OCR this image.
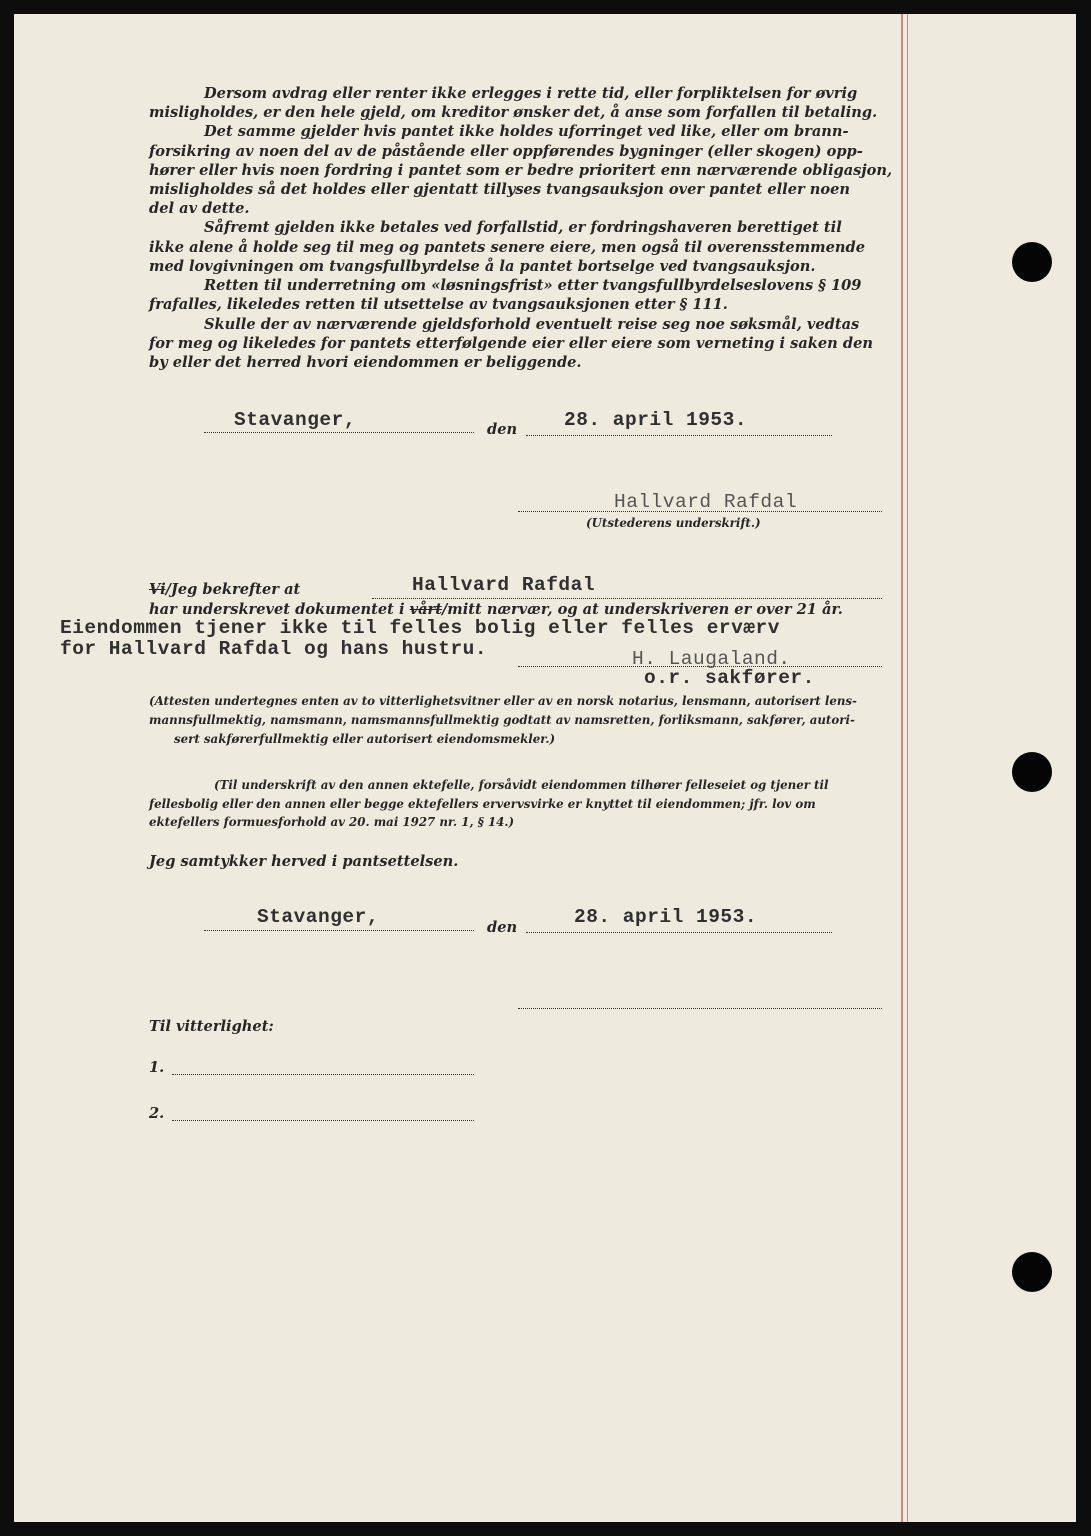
Dersom avdrag eller renter ikke erlegges i rette tid, eller forpliktelsen for øvrig
misligholdes, er den hele gjeld, om kreditor ønsker det, å anse som forfallen til betaling.
Det samme gjelder hvis pantet ikke holdes uforringet ved like, eller om brann-
forsikring av noen del av de påstående eller oppførendes bygninger (eller skogen) opp-
hører eller hvis noen fordring i pantet som er bedre prioritert enn nærværende obligasjon,
misligholdes så det holdes eller gjentatt tillyses tvangsauksjon over pantet eller noen
del av dette.
Såfremt gjelden ikke betales ved forfallstid, er fordringshaveren berettiget til
ikke alene å holde seg til meg og pantets senere eiere, men også til overensstemmende
med lovgivningen om tvangsfullbyrdelse å la pantet bortselge ved tvangsauksjon.
Retten til underretning om «løsningsfrist» etter tvangsfullbyrdelseslovens § 109
frafalles, likeledes retten til utsettelse av tvangsauksjonen etter § 111.
Skulle der av nærværende gjeldsforhold eventuelt reise seg noe søksmål, vedtas
for meg og likeledes for pantets etterfølgende eier eller eiere som verneting i saken den
by eller det herred hvori eiendommen er beliggende.
Stavanger,	den 28. april 1953.
Hallvard Rafdal
(Utstederens underskrift.)
Vi/Jeg bekrefter at	Hallvard Rafdal
har underskrevet dokumentet i vårt/mitt nærvær, og at underskriveren er over 21 år.
Eiendommen tjener ikke til felles bolig eller felles erværv
for Hallvard Rafdal og hans hustru.	H. Laugaland.
o.r. sakfører.
(Attesten undertegnes enten av to vitterlighetsvitner eller av en norsk notarius, lensmann, autorisert lens-
mannsfullmektig, namsmann, namsmannsfullmektig godtatt av namsretten, forliksmann, sakfører, autori-
sert sakførerfullmektig eller autorisert eiendomsmekler.)
(Til underskrift av den annen ektefelle, forsåvidt eiendommen tilhører felleseiet og tjener til
fellesbolig eller den annen eller begge ektefellers ervervsvirke er knyttet til eiendommen; jfr. lov om
ektefellers formuesforhold av 20. mai 1927 nr. 1, § 14.)
Jeg samtykker herved i pantsettelsen.
Stavanger,	den	28. april 1953.
Til vitterlighet:
1.
2.
